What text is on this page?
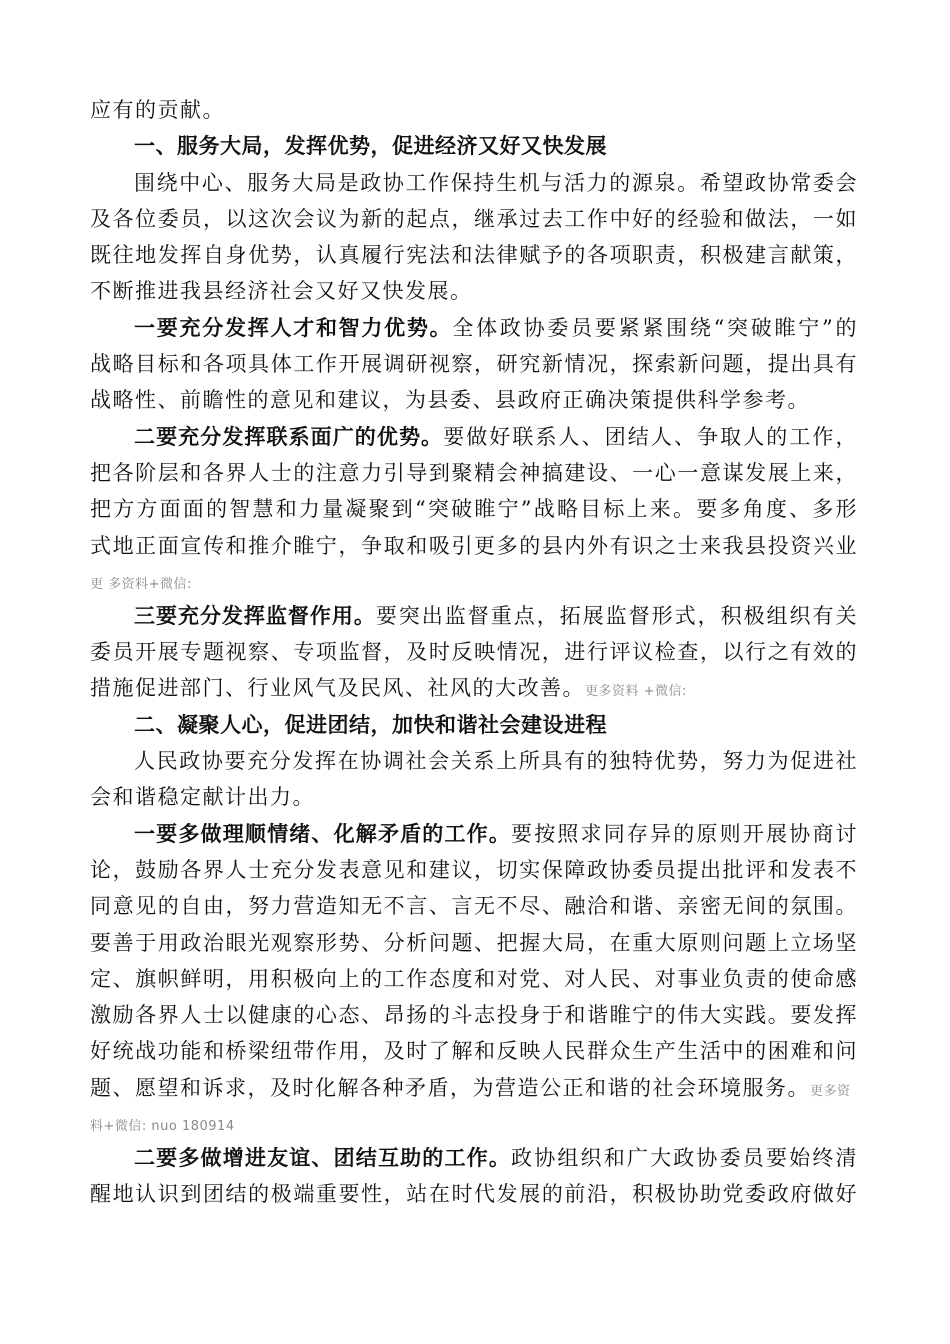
应有的贡献。
一、服务大局，发挥优势，促进经济又好又快发展
围绕中心、服务大局是政协工作保持生机与活力的源泉。希望政协常委会
及各位委员，以这次会议为新的起点，继承过去工作中好的经验和做法，一如
既往地发挥自身优势，认真履行宪法和法律赋予的各项职责，积极建言献策，
不断推进我县经济社会又好又快发展。
一要充分发挥人才和智力优势。全体政协委员要紧紧围绕“突破睢宁”的
战略目标和各项具体工作开展调研视察，研究新情况，探索新问题，提出具有
战略性、前瞻性的意见和建议，为县委、县政府正确决策提供科学参考。
二要充分发挥联系面广的优势。要做好联系人、团结人、争取人的工作，
把各阶层和各界人士的注意力引导到聚精会神搞建设、一心一意谋发展上来，
把方方面面的智慧和力量凝聚到“突破睢宁”战略目标上来。要多角度、多形
式地正面宣传和推介睢宁，争取和吸引更多的县内外有识之士来我县投资兴业
更 多资料+微信:
三要充分发挥监督作用。要突出监督重点，拓展监督形式，积极组织有关
委员开展专题视察、专项监督，及时反映情况，进行评议检查，以行之有效的
措施促进部门、行业风气及民风、社风的大改善。更多资料 +微信:
二、凝聚人心，促进团结，加快和谐社会建设进程
人民政协要充分发挥在协调社会关系上所具有的独特优势，努力为促进社
会和谐稳定献计出力。
一要多做理顺情绪、化解矛盾的工作。要按照求同存异的原则开展协商讨
论，鼓励各界人士充分发表意见和建议，切实保障政协委员提出批评和发表不
同意见的自由，努力营造知无不言、言无不尽、融洽和谐、亲密无间的氛围。
要善于用政治眼光观察形势、分析问题、把握大局，在重大原则问题上立场坚
定、旗帜鲜明，用积极向上的工作态度和对党、对人民、对事业负责的使命感
激励各界人士以健康的心态、昂扬的斗志投身于和谐睢宁的伟大实践。要发挥
好统战功能和桥梁纽带作用，及时了解和反映人民群众生产生活中的困难和问
题、愿望和诉求，及时化解各种矛盾，为营造公正和谐的社会环境服务。更多资
料+微信: nuo 180914
二要多做增进友谊、团结互助的工作。政协组织和广大政协委员要始终清
醒地认识到团结的极端重要性，站在时代发展的前沿，积极协助党委政府做好
